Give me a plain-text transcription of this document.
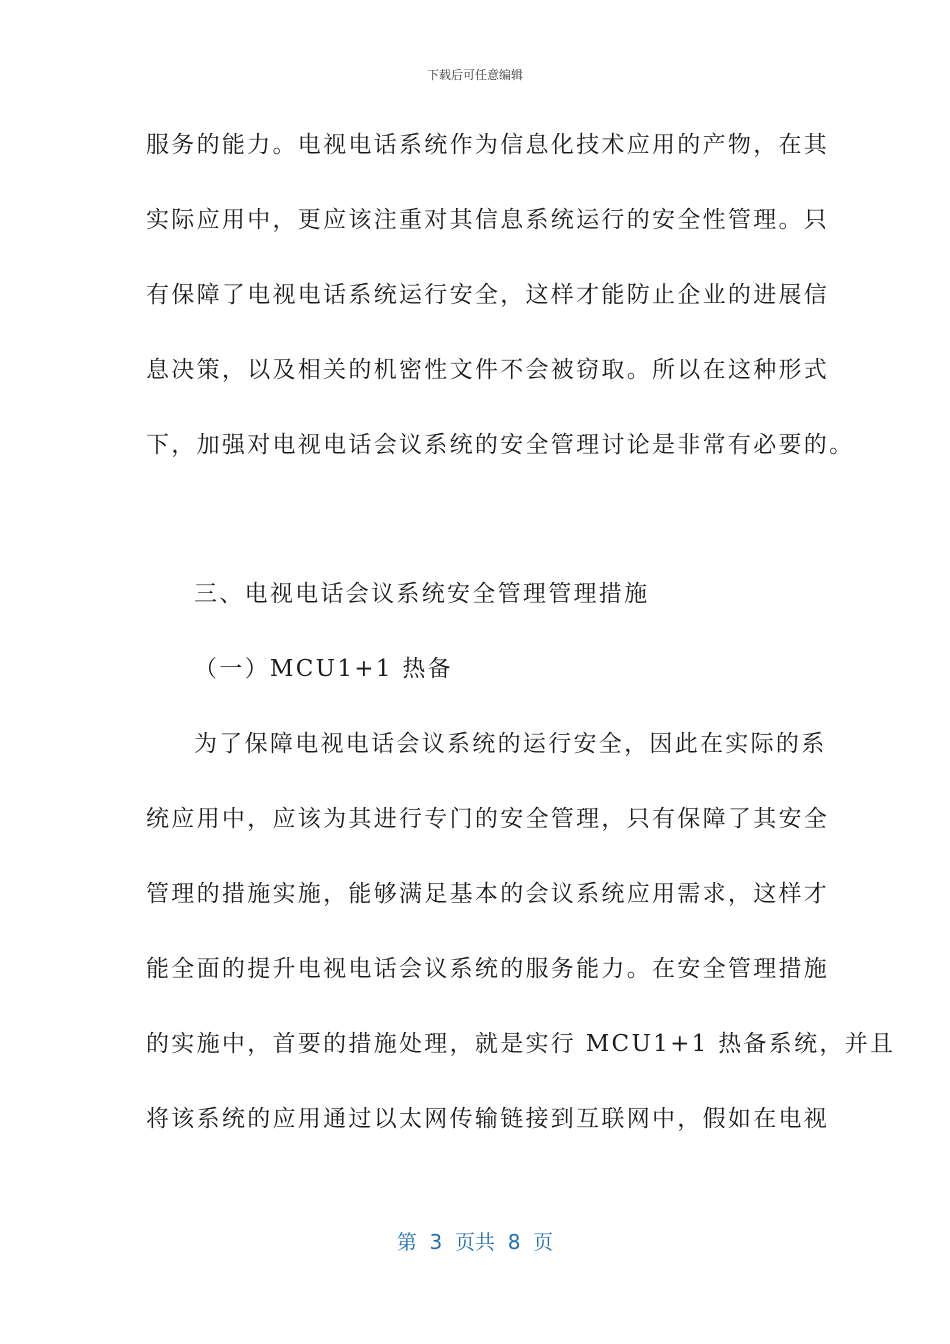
下载后可任意编辑
服务的能力。电视电话系统作为信息化技术应用的产物，在其
实际应用中，更应该注重对其信息系统运行的安全性管理。只
有保障了电视电话系统运行安全，这样才能防止企业的进展信
息决策，以及相关的机密性文件不会被窃取。所以在这种形式
下，加强对电视电话会议系统的安全管理讨论是非常有必要的。
三、电视电话会议系统安全管理管理措施
（一）MCU1+1 热备
为了保障电视电话会议系统的运行安全，因此在实际的系
统应用中，应该为其进行专门的安全管理，只有保障了其安全
管理的措施实施，能够满足基本的会议系统应用需求，这样才
能全面的提升电视电话会议系统的服务能力。在安全管理措施
的实施中，首要的措施处理，就是实行 MCU1+1 热备系统，并且
将该系统的应用通过以太网传输链接到互联网中，假如在电视
第  3  页共  8  页
